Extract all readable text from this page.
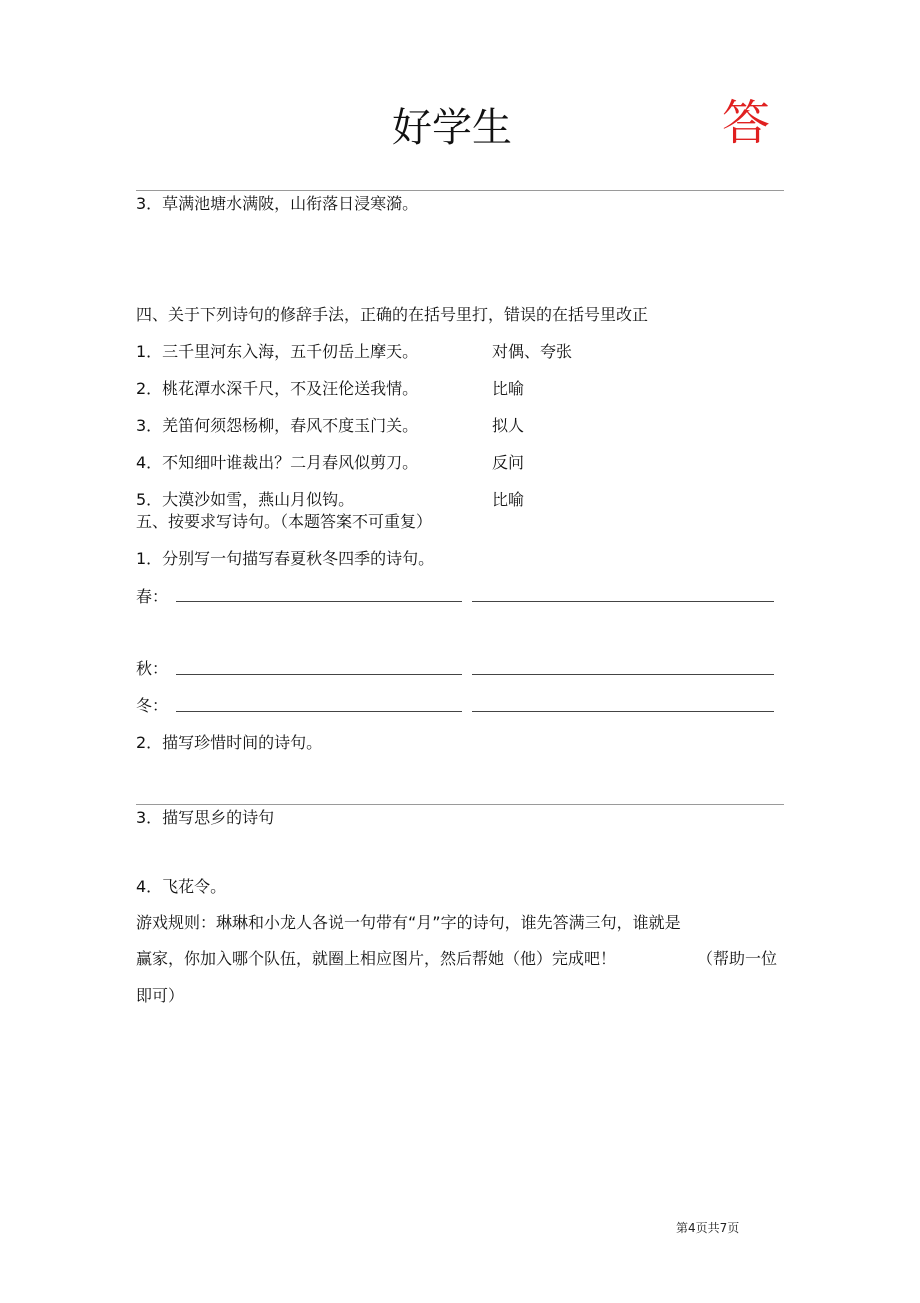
好学生	答
3．草满池塘水满陂，山衔落日浸寒漪。
四、关于下列诗句的修辞手法，正确的在括号里打，错误的在括号里改正
1．三千里河东入海，五千仞岳上摩天。	对偶、夸张
2．桃花潭水深千尺，不及汪伦送我情。	比喻
3．羌笛何须怨杨柳，春风不度玉门关。	拟人
4．不知细叶谁裁出？二月春风似剪刀。	反问
5．大漠沙如雪，燕山月似钩。	比喻
五、按要求写诗句。（本题答案不可重复）
1．分别写一句描写春夏秋冬四季的诗句。
春：
秋：
冬：
2．描写珍惜时间的诗句。
3．描写思乡的诗句
4．飞花令。
游戏规则：琳琳和小龙人各说一句带有“月”字的诗句，谁先答满三句，谁就是
赢家，你加入哪个队伍，就圈上相应图片，然后帮她（他）完成吧！	（帮助一位
即可）
第4页共7页
